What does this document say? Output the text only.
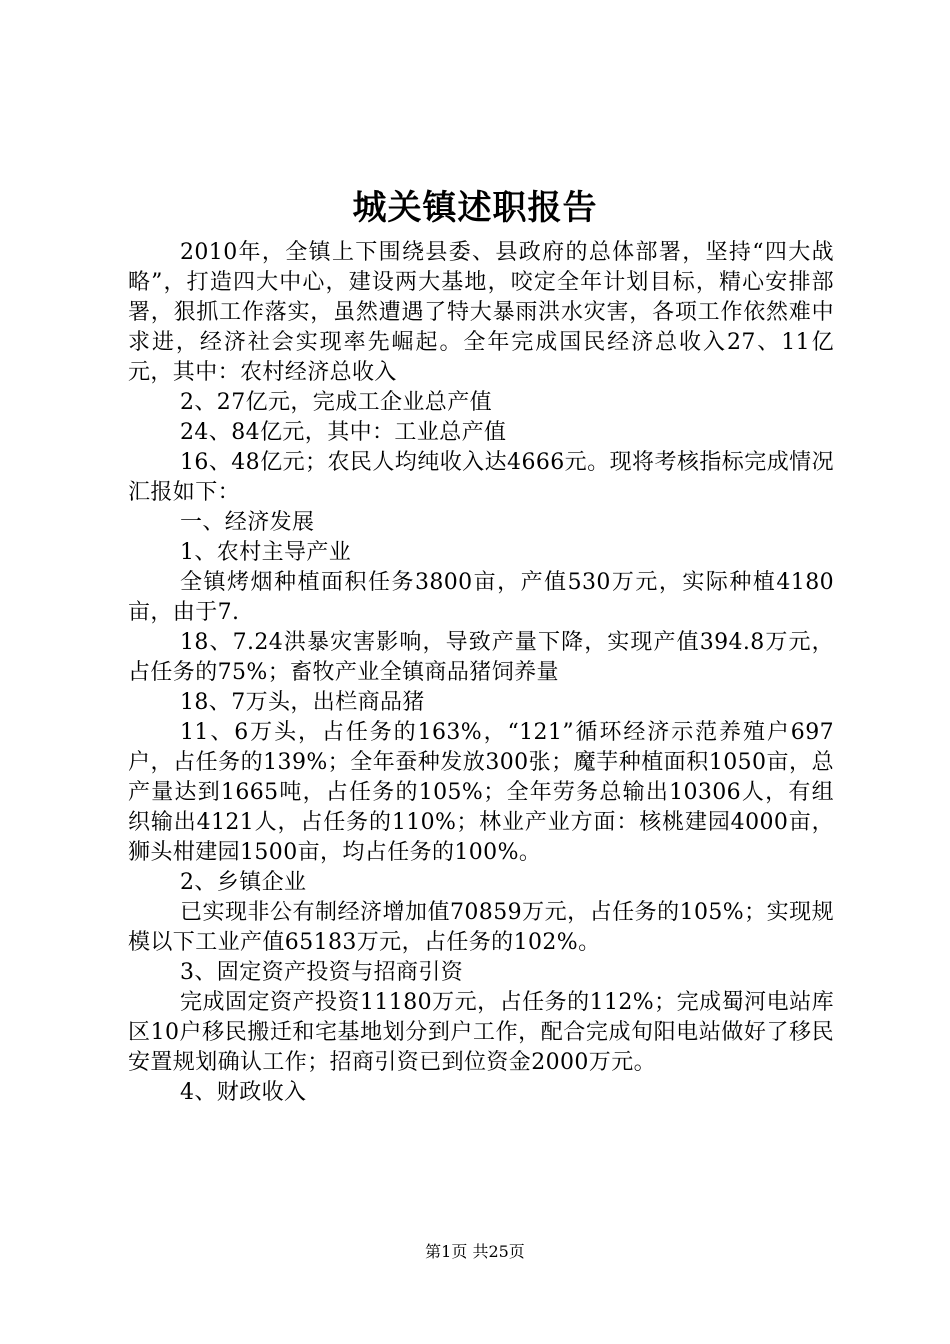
城关镇述职报告

2010年，全镇上下围绕县委、县政府的总体部署，坚持“四大战略”，打造四大中心，建设两大基地，咬定全年计划目标，精心安排部署，狠抓工作落实，虽然遭遇了特大暴雨洪水灾害，各项工作依然难中求进，经济社会实现率先崛起。全年完成国民经济总收入27、11亿元，其中：农村经济总收入

2、27亿元，完成工企业总产值

24、84亿元，其中：工业总产值

16、48亿元；农民人均纯收入达4666元。现将考核指标完成情况汇报如下：

一、经济发展

1、农村主导产业

全镇烤烟种植面积任务3800亩，产值530万元，实际种植4180亩，由于7.

18、7.24洪暴灾害影响，导致产量下降，实现产值394.8万元，占任务的75%；畜牧产业全镇商品猪饲养量

18、7万头，出栏商品猪

11、6万头，占任务的163%，“121”循环经济示范养殖户697户，占任务的139%；全年蚕种发放300张；魔芋种植面积1050亩，总产量达到1665吨，占任务的105%；全年劳务总输出10306人，有组织输出4121人，占任务的110%；林业产业方面：核桃建园4000亩，狮头柑建园1500亩，均占任务的100%。

2、乡镇企业

已实现非公有制经济增加值70859万元，占任务的105%；实现规模以下工业产值65183万元，占任务的102%。

3、固定资产投资与招商引资

完成固定资产投资11180万元，占任务的112%；完成蜀河电站库区10户移民搬迁和宅基地划分到户工作，配合完成旬阳电站做好了移民安置规划确认工作；招商引资已到位资金2000万元。

4、财政收入

第1页 共25页
